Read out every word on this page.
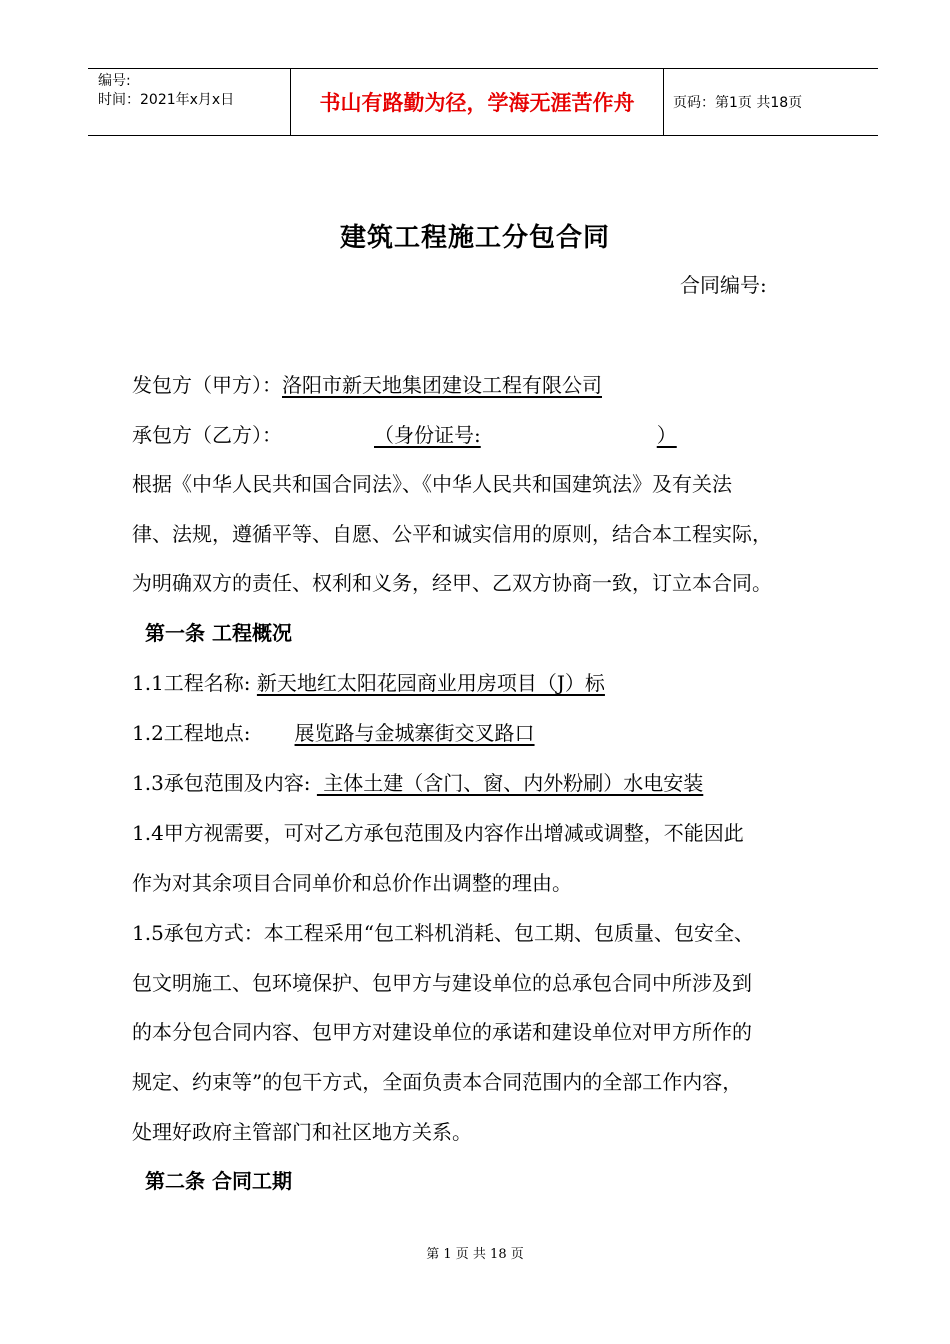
编号:
时间：2021年x月x日	书山有路勤为径，学海无涯苦作舟	页码：第1页 共18页
建筑工程施工分包合同
合同编号:
发包方（甲方）：洛阳市新天地集团建设工程有限公司
承包方（乙方）：	（身份证号:	）
根据《中华人民共和国合同法》、《中华人民共和国建筑法》及有关法
律、法规，遵循平等、自愿、公平和诚实信用的原则，结合本工程实际，
为明确双方的责任、权利和义务，经甲、乙双方协商一致，订立本合同。
第一条 工程概况
1.1工程名称: 新天地红太阳花园商业用房项目（J）标
1.2工程地点: 展览路与金城寨街交叉路口
1.3承包范围及内容:  主体土建（含门、窗、内外粉刷）水电安装
1.4甲方视需要，可对乙方承包范围及内容作出增减或调整，不能因此
作为对其余项目合同单价和总价作出调整的理由。
1.5承包方式：本工程采用“包工料机消耗、包工期、包质量、包安全、
包文明施工、包环境保护、包甲方与建设单位的总承包合同中所涉及到
的本分包合同内容、包甲方对建设单位的承诺和建设单位对甲方所作的
规定、约束等”的包干方式，全面负责本合同范围内的全部工作内容，
处理好政府主管部门和社区地方关系。
第二条 合同工期
第 1 页 共 18 页
